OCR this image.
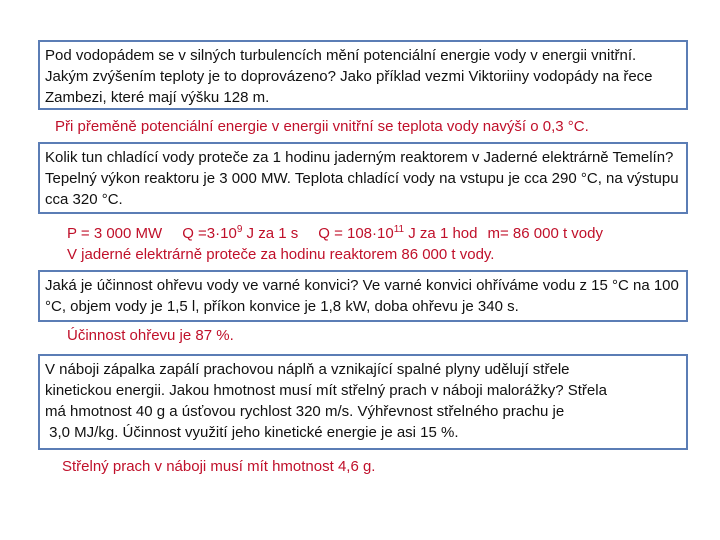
Pod vodopádem se v silných turbulencích mění potenciální energie vody v energii vnitřní. Jakým zvýšením teploty je to doprovázeno? Jako příklad vezmi Viktoriiny vodopády na řece Zambezi, které mají výšku 128 m.

Při přeměně potenciální energie v energii vnitřní se teplota vody navýší o 0,3 °C.

Kolik tun chladící vody proteče za 1 hodinu jaderným reaktorem v Jaderné elektrárně Temelín? Tepelný výkon reaktoru je 3 000 MW. Teplota chladící vody na vstupu je cca 290 °C, na výstupu cca 320 °C.

P = 3 000 MW $Q =3\cdot 10^9$ J za 1 s $Q = 108\cdot 10^{11}$ J za 1 hod m= 86 000 t vody
V jaderné elektrárně proteče za hodinu reaktorem 86 000 t vody.

Jaká je účinnost ohřevu vody ve varné konvici? Ve varné konvici ohříváme vodu z 15 °C na 100 °C, objem vody je 1,5 l, příkon konvice je 1,8 kW, doba ohřevu je 340 s.

Účinnost ohřevu je 87 %.

V náboji zápalka zapálí prachovou náplň a vznikající spalné plyny udělují střele

kinetickou energii. Jakou hmotnost musí mít střelný prach v náboji malorážky? Střela

má hmotnost 40 g a úsťovou rychlost 320 m/s. Výhřevnost střelného prachu je

3,0 MJ/kg. Účinnost využití jeho kinetické energie je asi 15 %.

Střelný prach v náboji musí mít hmotnost 4,6 g.
